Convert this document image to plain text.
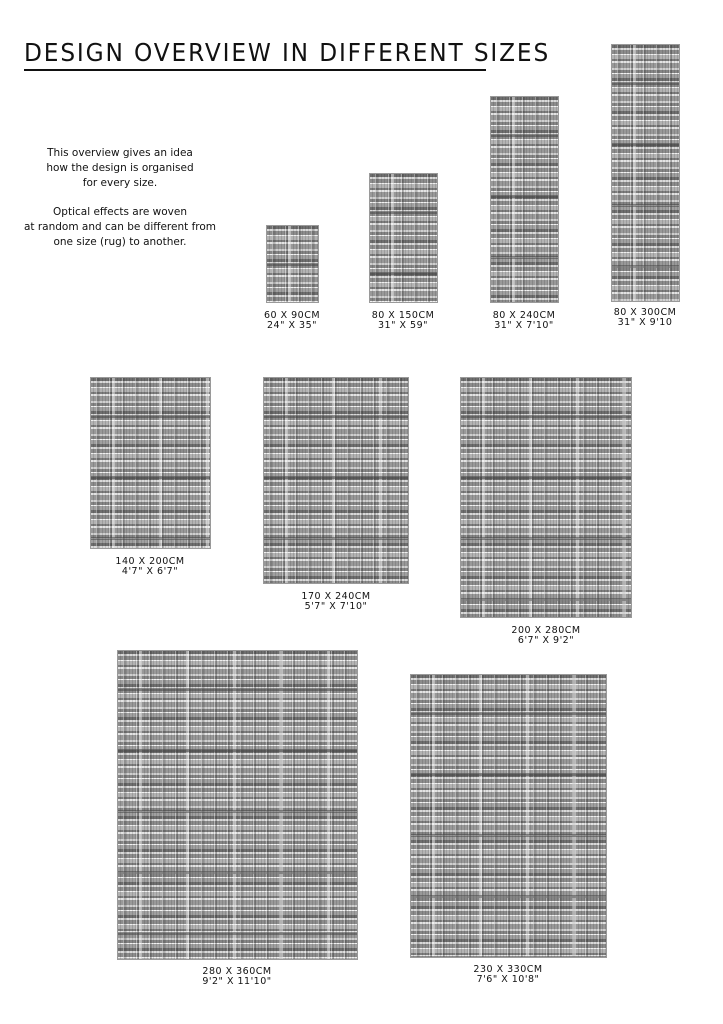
DESIGN OVERVIEW IN DIFFERENT SIZES

This overview gives an idea
how the design is organised
for every size.

Optical effects are woven
at random and can be different from
one size (rug) to another.

60 X 90CM
24" X 35"
80 X 150CM
31" X 59"
80 X 240CM
31" X 7'10"
80 X 300CM
31" X 9'10
140 X 200CM
4'7" X 6'7"
170 X 240CM
5'7" X 7'10"
200 X 280CM
6'7" X 9'2"
280 X 360CM
9'2" X 11'10"
230 X 330CM
7'6" X 10'8"
